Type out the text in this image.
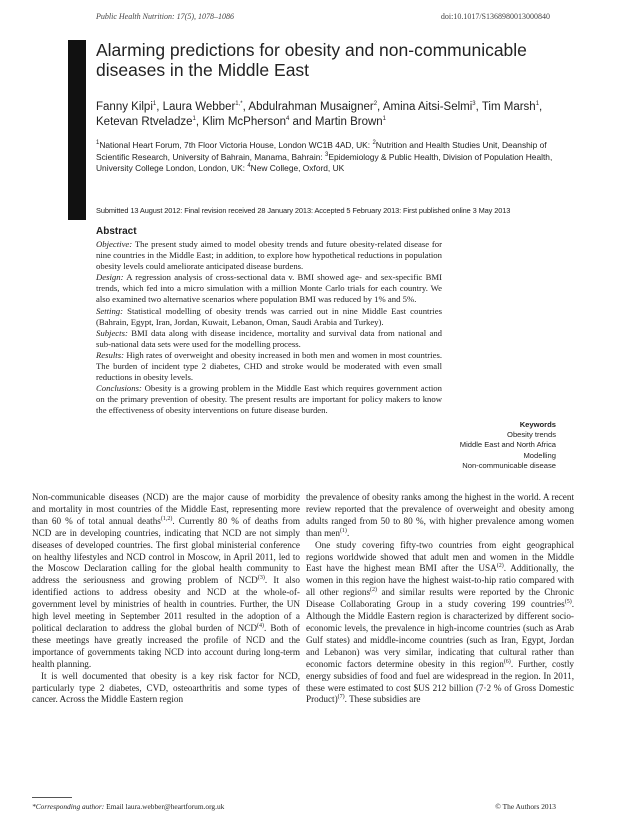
Public Health Nutrition: 17(5), 1078–1086	doi:10.1017/S1368980013000840
Alarming predictions for obesity and non-communicable diseases in the Middle East
Fanny Kilpi$^1$, Laura Webber$^{1,*}$, Abdulrahman Musaigner$^2$, Amina Aitsi-Selmi$^3$, Tim Marsh$^1$, Ketevan Rtveladze$^1$, Klim McPherson$^4$ and Martin Brown$^1$
$^1$National Heart Forum, 7th Floor Victoria House, London WC1B 4AD, UK: $^2$Nutrition and Health Studies Unit, Deanship of Scientific Research, University of Bahrain, Manama, Bahrain: $^3$Epidemiology & Public Health, Division of Population Health, University College London, London, UK: $^4$New College, Oxford, UK
Submitted 13 August 2012: Final revision received 28 January 2013: Accepted 5 February 2013: First published online 3 May 2013
Abstract

Objective: The present study aimed to model obesity trends and future obesity-related disease for nine countries in the Middle East; in addition, to explore how hypothetical reductions in population obesity levels could ameliorate anticipated disease burdens.

Design: A regression analysis of cross-sectional data v. BMI showed age- and sex-specific BMI trends, which fed into a micro simulation with a million Monte Carlo trials for each country. We also examined two alternative scenarios where population BMI was reduced by 1% and 5%.

Setting: Statistical modelling of obesity trends was carried out in nine Middle East countries (Bahrain, Egypt, Iran, Jordan, Kuwait, Lebanon, Oman, Saudi Arabia and Turkey).

Subjects: BMI data along with disease incidence, mortality and survival data from national and sub-national data sets were used for the modelling process.

Results: High rates of overweight and obesity increased in both men and women in most countries. The burden of incident type 2 diabetes, CHD and stroke would be moderated with even small reductions in obesity levels.

Conclusions: Obesity is a growing problem in the Middle East which requires government action on the primary prevention of obesity. The present results are important for policy makers to know the effectiveness of obesity interventions on future disease burden.

Keywords
Obesity trends
Middle East and North Africa
Modelling
Non-communicable disease

Non-communicable diseases (NCD) are the major cause of morbidity and mortality in most countries of the Middle East, representing more than 60 % of total annual deaths$^{(1,2)}$. Currently 80 % of deaths from NCD are in developing countries, indicating that NCD are not simply diseases of developed countries. The first global ministerial conference on healthy lifestyles and NCD control in Moscow, in April 2011, led to the Moscow Declaration calling for the global health community to address the seriousness and growing problem of NCD$^{(3)}$. It also identified actions to address obesity and NCD at the whole-of-government level by ministries of health in countries. Further, the UN high level meeting in September 2011 resulted in the adoption of a political declaration to address the global burden of NCD$^{(4)}$. Both of these meetings have greatly increased the profile of NCD and the importance of governments taking NCD into account during long-term health planning.

It is well documented that obesity is a key risk factor for NCD, particularly type 2 diabetes, CVD, osteoarthritis and some types of cancer. Across the Middle Eastern region

the prevalence of obesity ranks among the highest in the world. A recent review reported that the prevalence of overweight and obesity among adults ranged from 50 to 80 %, with higher prevalence among women than men$^{(1)}$.

One study covering fifty-two countries from eight geographical regions worldwide showed that adult men and women in the Middle East have the highest mean BMI after the USA$^{(2)}$. Additionally, the women in this region have the highest waist-to-hip ratio compared with all other regions$^{(2)}$ and similar results were reported by the Chronic Disease Collaborating Group in a study covering 199 countries$^{(5)}$. Although the Middle Eastern region is characterized by different socio-economic levels, the prevalence in high-income countries (such as Arab Gulf states) and middle-income countries (such as Iran, Egypt, Jordan and Lebanon) was very similar, indicating that cultural rather than economic factors determine obesity in this region$^{(6)}$. Further, costly energy subsidies of food and fuel are widespread in the region. In 2011, these were estimated to cost $US 212 billion (7·2 % of Gross Domestic Product)$^{(7)}$. These subsidies are

*Corresponding author: Email laura.webber@heartforum.org.uk	© The Authors 2013
